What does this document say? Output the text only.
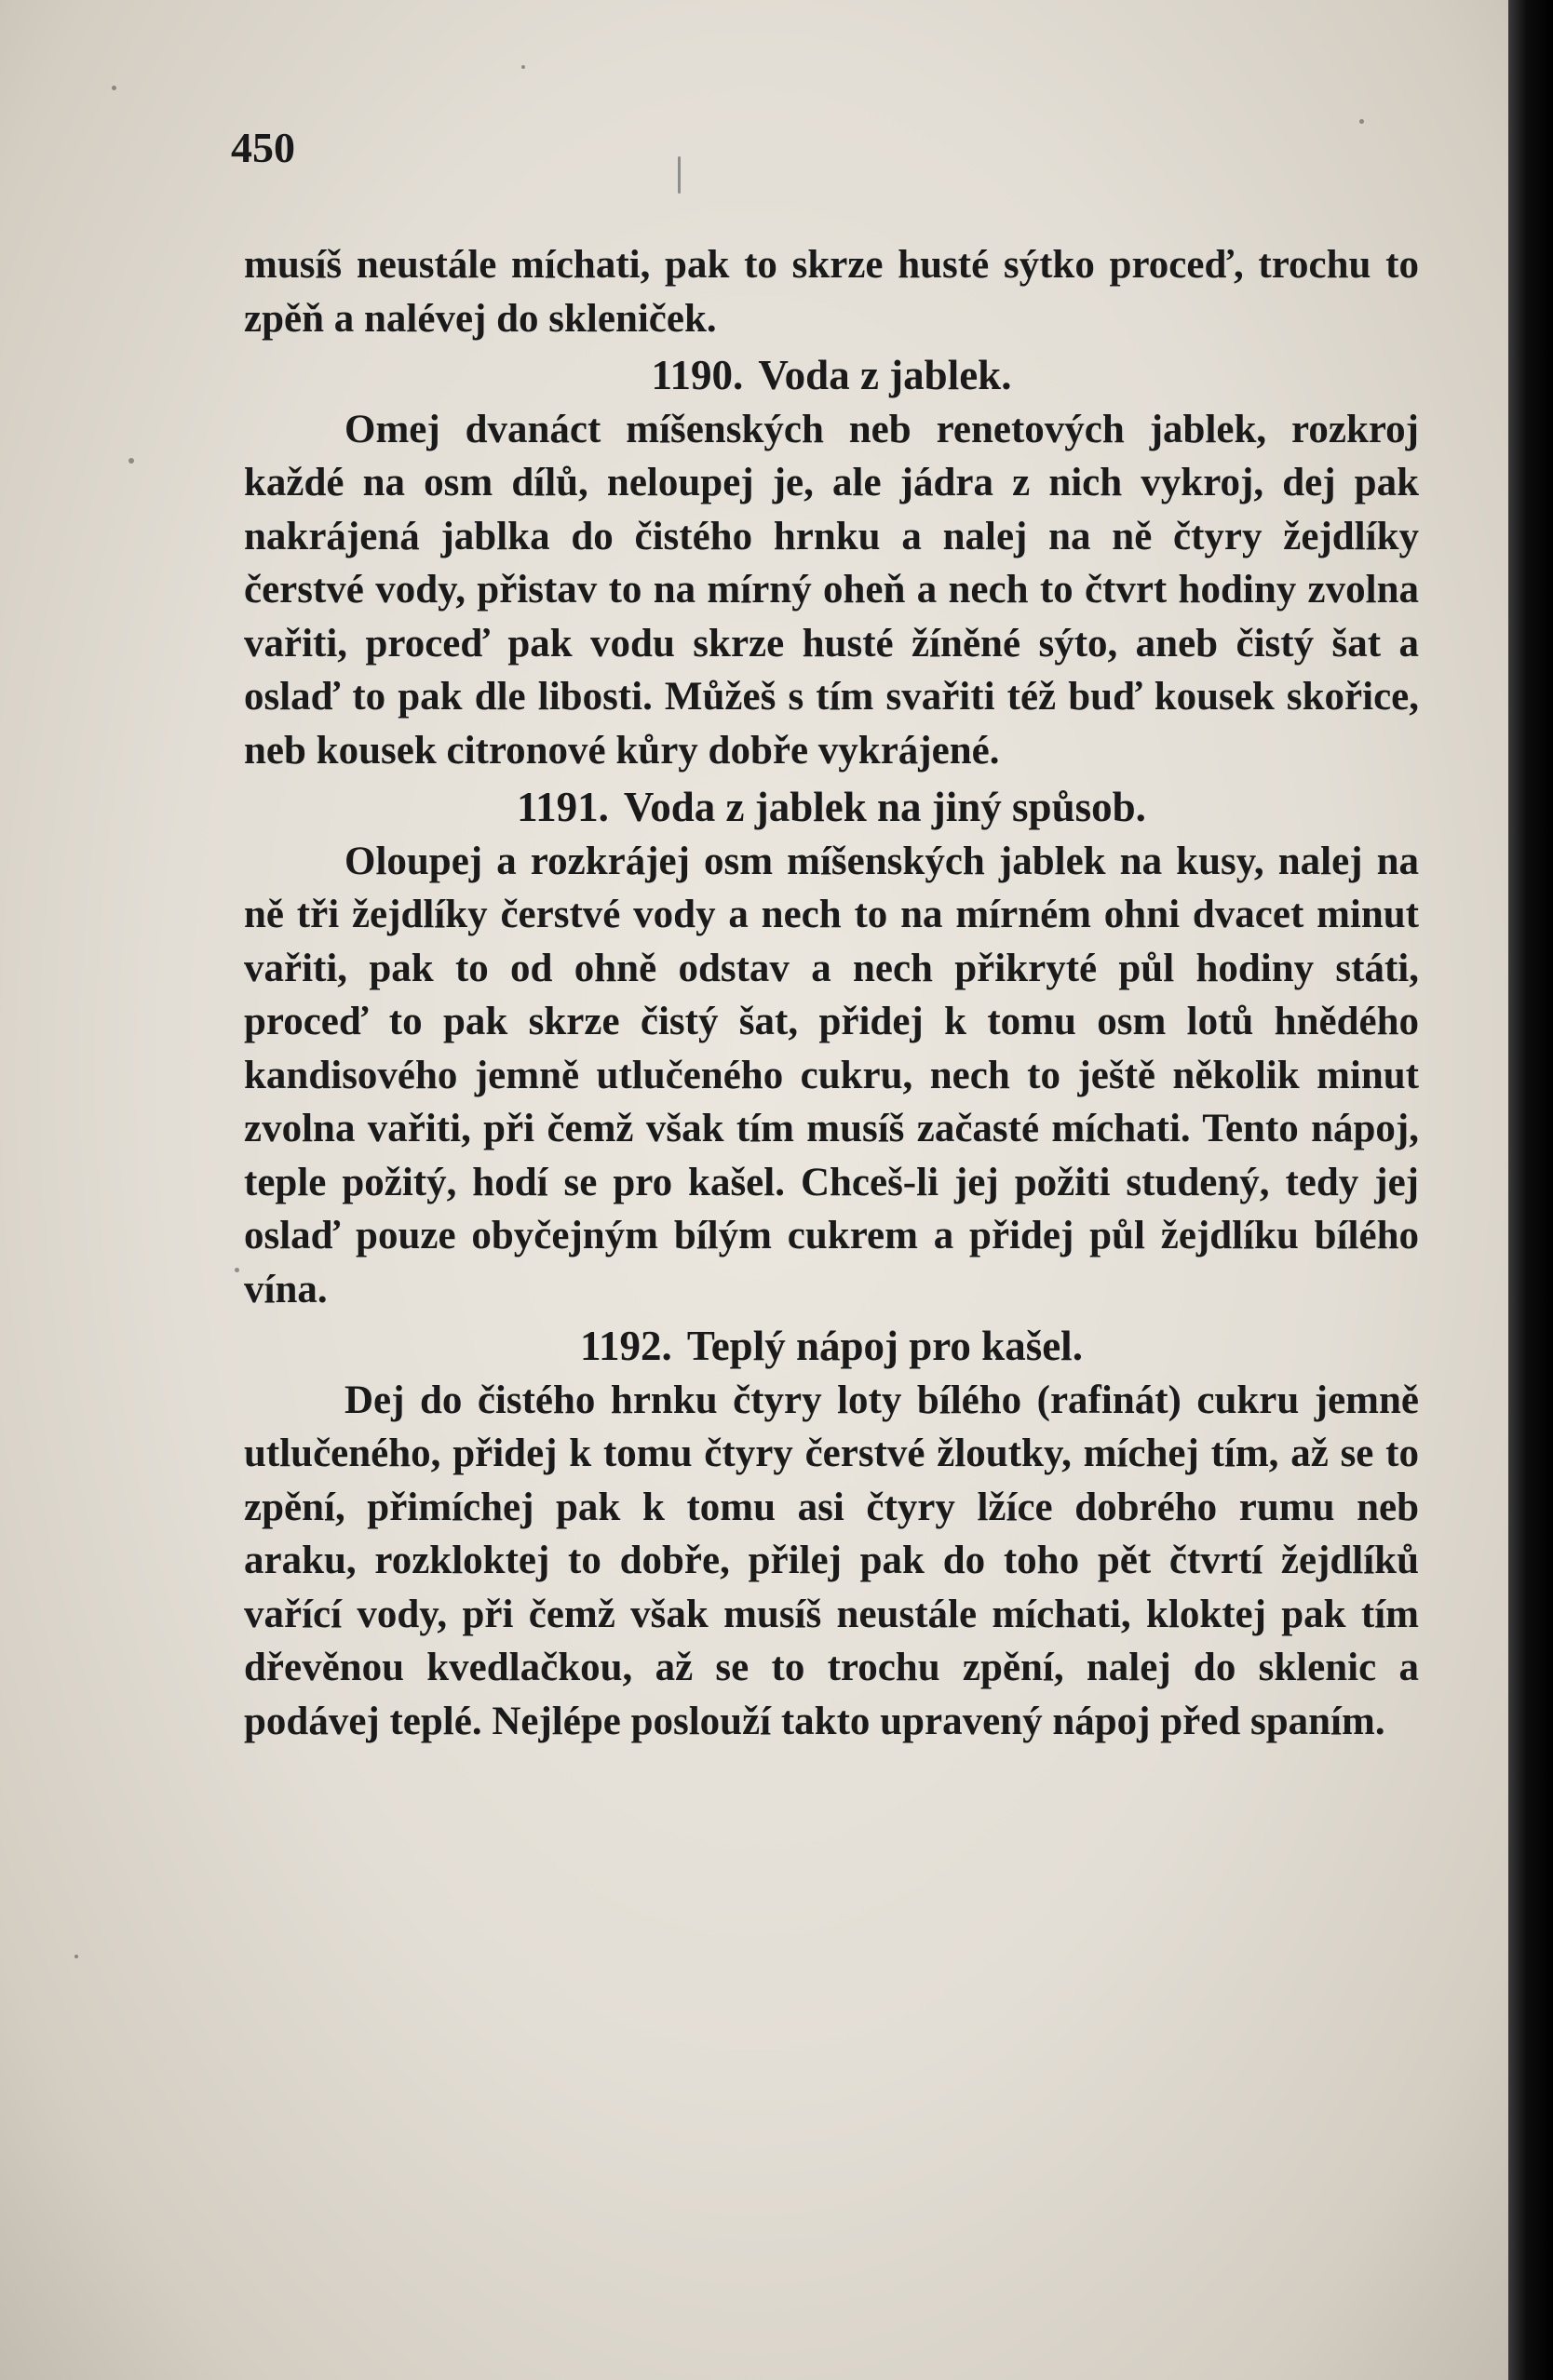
450

musíš neustále míchati, pak to skrze husté sýtko proceď, trochu to zpěň a nalévej do skleniček.

1190. Voda z jablek.

Omej dvanáct míšenských neb renetových jablek, rozkroj každé na osm dílů, neloupej je, ale jádra z nich vykroj, dej pak nakrájená jablka do čistého hrnku a nalej na ně čtyry žejdlíky čerstvé vody, přistav to na mírný oheň a nech to čtvrt hodiny zvolna vařiti, proceď pak vodu skrze husté žíněné sýto, aneb čistý šat a oslaď to pak dle libosti. Můžeš s tím svařiti též buď kousek skořice, neb kousek citronové kůry dobře vykrájené.

1191. Voda z jablek na jiný spůsob.

Oloupej a rozkrájej osm míšenských jablek na kusy, nalej na ně tři žejdlíky čerstvé vody a nech to na mírném ohni dvacet minut vařiti, pak to od ohně odstav a nech přikryté půl hodiny státi, proceď to pak skrze čistý šat, přidej k tomu osm lotů hnědého kandisového jemně utlučeného cukru, nech to ještě několik minut zvolna vařiti, při čemž však tím musíš začasté míchati. Tento nápoj, teple požitý, hodí se pro kašel. Chceš-li jej požiti studený, tedy jej oslaď pouze obyčejným bílým cukrem a přidej půl žejdlíku bílého vína.

1192. Teplý nápoj pro kašel.

Dej do čistého hrnku čtyry loty bílého (rafinát) cukru jemně utlučeného, přidej k tomu čtyry čerstvé žloutky, míchej tím, až se to zpění, přimíchej pak k tomu asi čtyry lžíce dobrého rumu neb araku, rozkloktej to dobře, přilej pak do toho pět čtvrtí žejdlíků vařící vody, při čemž však musíš neustále míchati, kloktej pak tím dřevěnou kvedlačkou, až se to trochu zpění, nalej do sklenic a podávej teplé. Nejlépe poslouží takto upravený nápoj před spaním.
